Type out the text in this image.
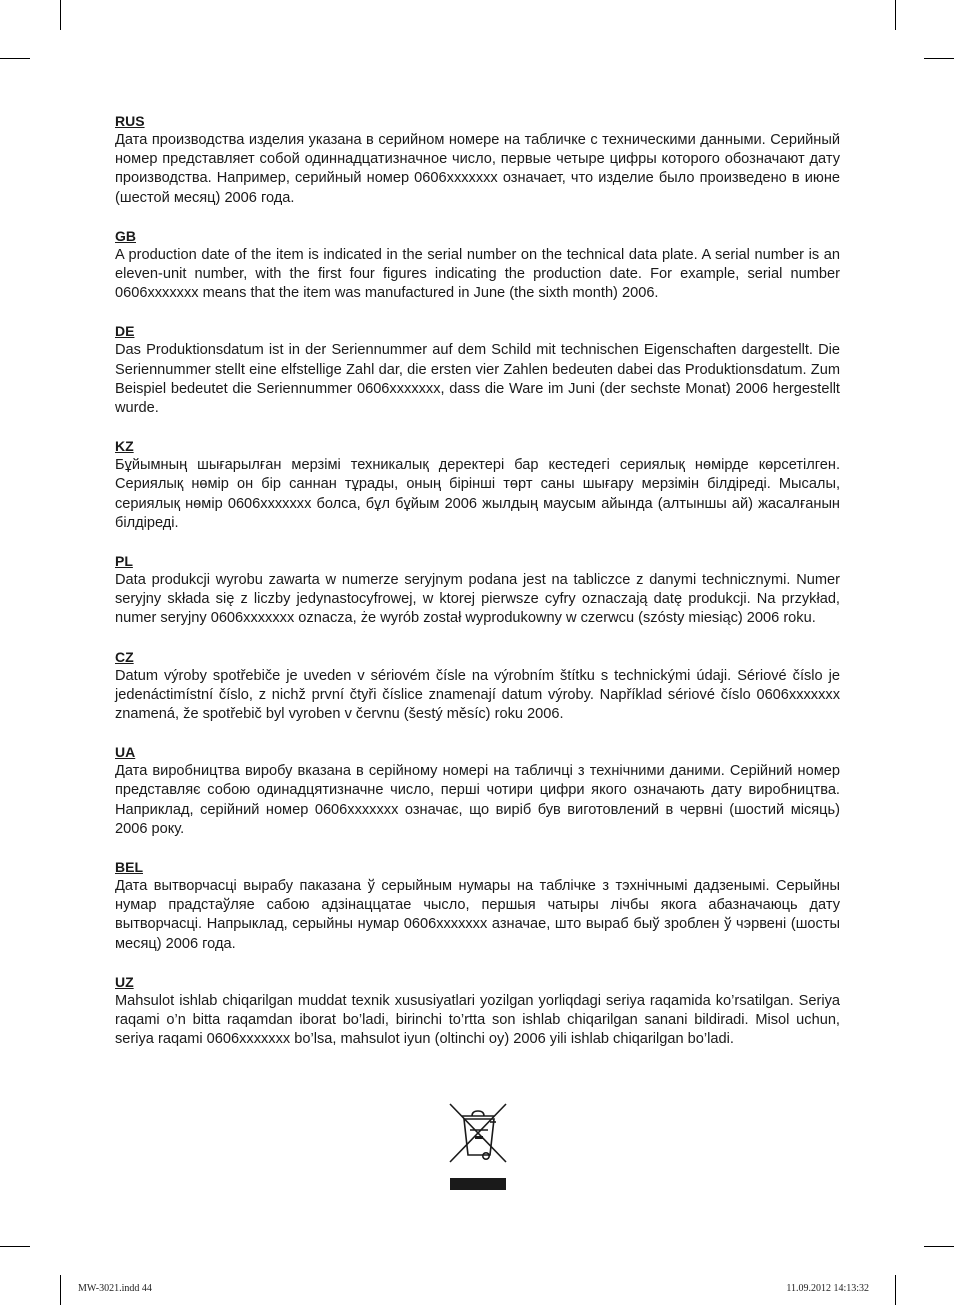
RUS

Дата производства изделия указана в серийном номере на табличке с техническими данными. Серийный номер представляет собой одиннадцатизначное число, первые четыре цифры которого обозначают дату производства. Например, серийный номер 0606xxxxxxx означает, что изделие было произведено в июне (шестой месяц) 2006 года.

GB

A production date of the item is indicated in the serial number on the technical data plate. A serial number is an eleven-unit number, with the first four figures indicating the production date. For example, serial number 0606xxxxxxx means that the item was manufactured in June (the sixth month) 2006.

DE

Das Produktionsdatum ist in der Seriennummer auf dem Schild mit technischen Eigenschaften dargestellt. Die Seriennummer stellt eine elfstellige Zahl dar, die ersten vier Zahlen bedeuten dabei das Produktionsdatum. Zum Beispiel bedeutet die Seriennummer 0606xxxxxxx, dass die Ware im Juni (der sechste Monat) 2006 hergestellt wurde.

KZ

Бұйымның шығарылған мерзімі техникалық деректері бар кестедегі сериялық нөмірде көрсетілген. Сериялық нөмір он бір саннан тұрады, оның бірінші төрт саны шығару мерзімін білдіреді. Мысалы, сериялық нөмір 0606xxxxxxx болса, бұл бұйым 2006 жылдың маусым айында (алтыншы ай) жасалғанын білдіреді.

PL

Data produkcji wyrobu zawarta w numerze seryjnym podana jest na tabliczce z danymi technicznymi. Numer seryjny składa się z liczby jedynastocyfrowej, w ktorej pierwsze cyfry oznaczają datę produkcji. Na przykład, numer seryjny 0606xxxxxxx oznacza, że wyrób został wyprodukowny w czerwcu (szósty miesiąc) 2006 roku.

CZ

Datum výroby spotřebiče je uveden v sériovém čísle na výrobním štítku s technickými údaji. Sériové číslo je jedenáctimístní číslo, z nichž první čtyři číslice znamenají datum výroby. Například sériové číslo 0606xxxxxxx znamená, že spotřebič byl vyroben v červnu (šestý měsíc) roku 2006.

UA

Дата виробництва виробу вказана в серійному номері на табличці з технічними даними. Серійний номер представляє собою одинадцятизначне число, перші чотири цифри якого означають дату виробництва. Наприклад, серійний номер 0606xxxxxxx означає, що виріб був виготовлений в червні (шостий місяць) 2006 року.

BEL

Дата вытворчасці вырабу паказана ў серыйным нумары на таблічке з тэхнічнымі дадзенымі. Серыйны нумар прадстаўляе сабою адзінаццатае чысло, першыя чатыры лічбы якога абазначаюць дату вытворчасці. Напрыклад, серыйны нумар 0606xxxxxxx азначае, што выраб быў зроблен ў чэрвені (шосты месяц) 2006 года.

UZ

Mahsulot ishlab chiqarilgan muddat texnik xususiyatlari yozilgan yorliqdagi seriya raqamida ko’rsatilgan. Seriya raqami o’n bitta raqamdan iborat bo’ladi, birinchi to’rtta son ishlab chiqarilgan sanani bildiradi. Misol uchun, seriya raqami 0606xxxxxxx bo’lsa, mahsulot iyun (oltinchi oy) 2006 yili ishlab chiqarilgan bo’ladi.

MW-3021.indd 44	11.09.2012 14:13:32
